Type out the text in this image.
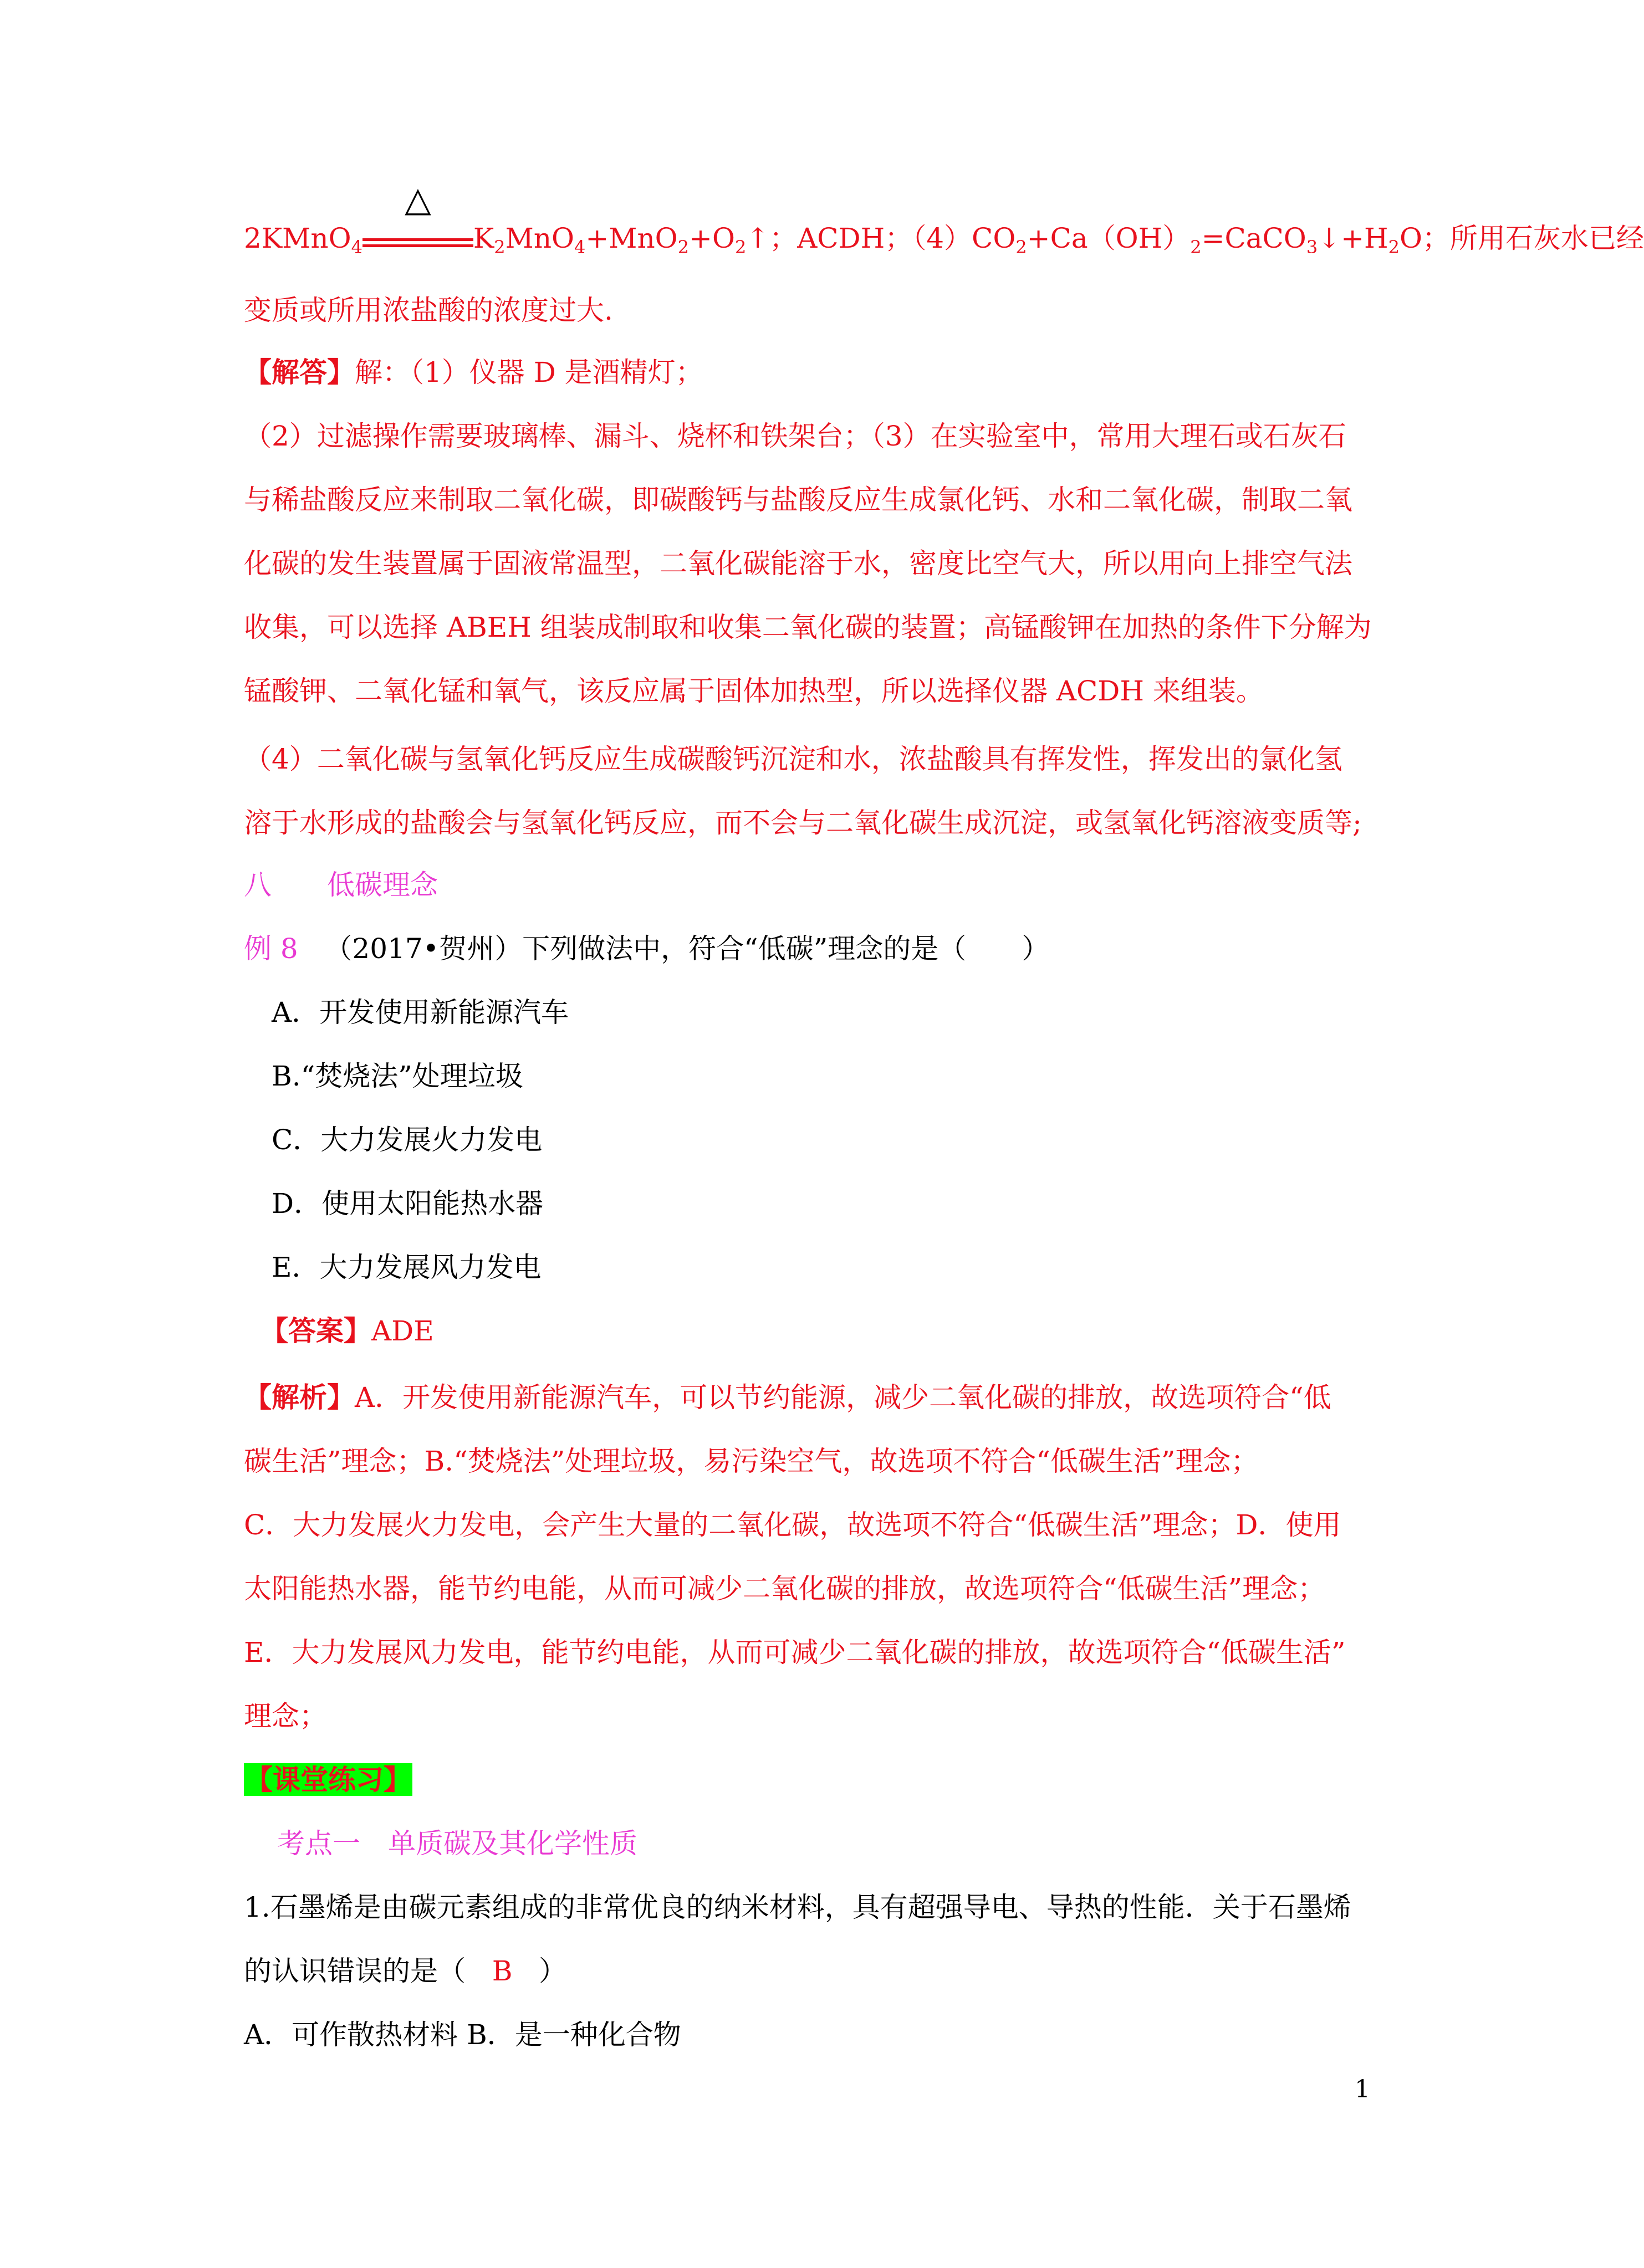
2KMnO$_4$
△
$K_2MnO_4+MnO_2+O_2↑$；ACDH；$(4)CO_2+Ca(OH)_2=CaCO_3↓+H_2O$；所用石灰水已经
变质或所用浓盐酸的浓度过大.
【解答】解：（1）仪器 D 是酒精灯；
（2）过滤操作需要玻璃棒、漏斗、烧杯和铁架台；（3）在实验室中，常用大理石或石灰石
与稀盐酸反应来制取二氧化碳，即碳酸钙与盐酸反应生成氯化钙、水和二氧化碳，制取二氧
化碳的发生装置属于固液常温型，二氧化碳能溶于水，密度比空气大，所以用向上排空气法
收集，可以选择 ABEH 组装成制取和收集二氧化碳的装置；高锰酸钾在加热的条件下分解为
锰酸钾、二氧化锰和氧气，该反应属于固体加热型，所以选择仪器 ACDH 来组装。
（4）二氧化碳与氢氧化钙反应生成碳酸钙沉淀和水，浓盐酸具有挥发性，挥发出的氯化氢
溶于水形成的盐酸会与氢氧化钙反应，而不会与二氧化碳生成沉淀，或氢氧化钙溶液变质等;
八　　低碳理念
例 8 （2017•贺州）下列做法中，符合“低碳”理念的是（　　）
A．开发使用新能源汽车
B.“焚烧法”处理垃圾
C．大力发展火力发电
D．使用太阳能热水器
E．大力发展风力发电
【答案】ADE
【解析】A．开发使用新能源汽车，可以节约能源，减少二氧化碳的排放，故选项符合“低
碳生活”理念；B.“焚烧法”处理垃圾，易污染空气，故选项不符合“低碳生活”理念；
C．大力发展火力发电，会产生大量的二氧化碳，故选项不符合“低碳生活”理念；D．使用
太阳能热水器，能节约电能，从而可减少二氧化碳的排放，故选项符合“低碳生活”理念；
E．大力发展风力发电，能节约电能，从而可减少二氧化碳的排放，故选项符合“低碳生活”
理念；
【课堂练习】
考点一　单质碳及其化学性质
1.石墨烯是由碳元素组成的非常优良的纳米材料，具有超强导电、导热的性能．关于石墨烯
的认识错误的是（ B ）
A．可作散热材料 B．是一种化合物
1
